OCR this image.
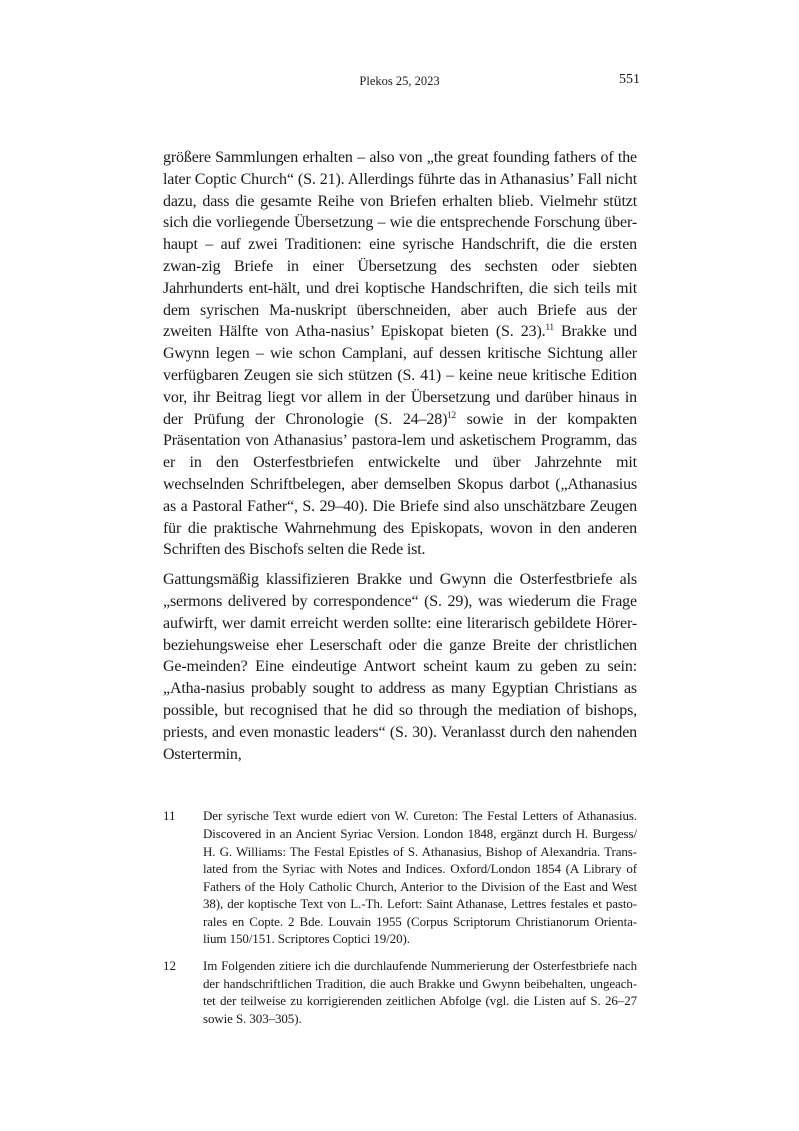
Plekos 25, 2023	551

größere Sammlungen erhalten – also von „the great founding fathers of the later Coptic Church“ (S. 21). Allerdings führte das in Athanasius’ Fall nicht dazu, dass die gesamte Reihe von Briefen erhalten blieb. Vielmehr stützt sich die vorliegende Übersetzung – wie die entsprechende Forschung über-haupt – auf zwei Traditionen: eine syrische Handschrift, die die ersten zwan-zig Briefe in einer Übersetzung des sechsten oder siebten Jahrhunderts ent-hält, und drei koptische Handschriften, die sich teils mit dem syrischen Ma-nuskript überschneiden, aber auch Briefe aus der zweiten Hälfte von Atha-nasius’ Episkopat bieten (S. 23).$^{11}$ Brakke und Gwynn legen – wie schon Camplani, auf dessen kritische Sichtung aller verfügbaren Zeugen sie sich stützen (S. 41) – keine neue kritische Edition vor, ihr Beitrag liegt vor allem in der Übersetzung und darüber hinaus in der Prüfung der Chronologie (S. 24–28)$^{12}$ sowie in der kompakten Präsentation von Athanasius’ pastora-lem und asketischem Programm, das er in den Osterfestbriefen entwickelte und über Jahrzehnte mit wechselnden Schriftbelegen, aber demselben Skopus darbot („Athanasius as a Pastoral Father“, S. 29–40). Die Briefe sind also unschätzbare Zeugen für die praktische Wahrnehmung des Episkopats, wovon in den anderen Schriften des Bischofs selten die Rede ist.

Gattungsmäßig klassifizieren Brakke und Gwynn die Osterfestbriefe als „sermons delivered by correspondence“ (S. 29), was wiederum die Frage aufwirft, wer damit erreicht werden sollte: eine literarisch gebildete Hörer-beziehungsweise eher Leserschaft oder die ganze Breite der christlichen Ge-meinden? Eine eindeutige Antwort scheint kaum zu geben zu sein: „Atha-nasius probably sought to address as many Egyptian Christians as possible, but recognised that he did so through the mediation of bishops, priests, and even monastic leaders“ (S. 30). Veranlasst durch den nahenden Ostertermin,

11 Der syrische Text wurde ediert von W. Cureton: The Festal Letters of Athanasius. Discovered in an Ancient Syriac Version. London 1848, ergänzt durch H. Burgess/ H. G. Williams: The Festal Epistles of S. Athanasius, Bishop of Alexandria. Trans-lated from the Syriac with Notes and Indices. Oxford/London 1854 (A Library of Fathers of the Holy Catholic Church, Anterior to the Division of the East and West 38), der koptische Text von L.-Th. Lefort: Saint Athanase, Lettres festales et pasto-rales en Copte. 2 Bde. Louvain 1955 (Corpus Scriptorum Christianorum Orienta-lium 150/151. Scriptores Coptici 19/20).
12 Im Folgenden zitiere ich die durchlaufende Nummerierung der Osterfestbriefe nach der handschriftlichen Tradition, die auch Brakke und Gwynn beibehalten, ungeach-tet der teilweise zu korrigierenden zeitlichen Abfolge (vgl. die Listen auf S. 26–27 sowie S. 303–305).
